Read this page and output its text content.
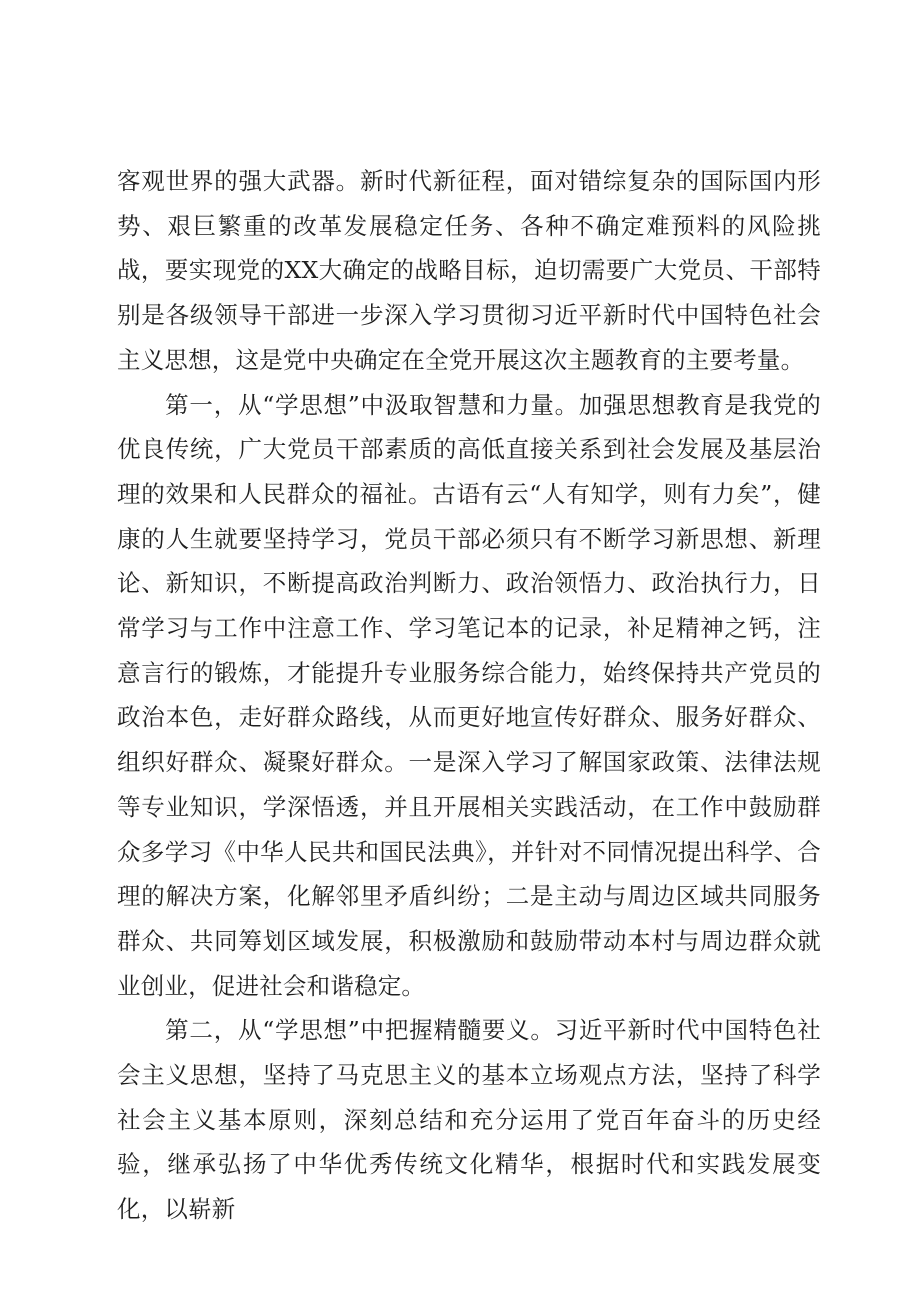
客观世界的强大武器。新时代新征程，面对错综复杂的国际国内形势、艰巨繁重的改革发展稳定任务、各种不确定难预料的风险挑战，要实现党的XX大确定的战略目标，迫切需要广大党员、干部特别是各级领导干部进一步深入学习贯彻习近平新时代中国特色社会主义思想，这是党中央确定在全党开展这次主题教育的主要考量。

第一，从“学思想”中汲取智慧和力量。加强思想教育是我党的优良传统，广大党员干部素质的高低直接关系到社会发展及基层治理的效果和人民群众的福祉。古语有云“人有知学，则有力矣”，健康的人生就要坚持学习，党员干部必须只有不断学习新思想、新理论、新知识，不断提高政治判断力、政治领悟力、政治执行力，日常学习与工作中注意工作、学习笔记本的记录，补足精神之钙，注意言行的锻炼，才能提升专业服务综合能力，始终保持共产党员的政治本色，走好群众路线，从而更好地宣传好群众、服务好群众、组织好群众、凝聚好群众。一是深入学习了解国家政策、法律法规等专业知识，学深悟透，并且开展相关实践活动，在工作中鼓励群众多学习《中华人民共和国民法典》，并针对不同情况提出科学、合理的解决方案，化解邻里矛盾纠纷；二是主动与周边区域共同服务群众、共同筹划区域发展，积极激励和鼓励带动本村与周边群众就业创业，促进社会和谐稳定。

第二，从“学思想”中把握精髓要义。习近平新时代中国特色社会主义思想，坚持了马克思主义的基本立场观点方法，坚持了科学社会主义基本原则，深刻总结和充分运用了党百年奋斗的历史经验，继承弘扬了中华优秀传统文化精华，根据时代和实践发展变化，以崭新
